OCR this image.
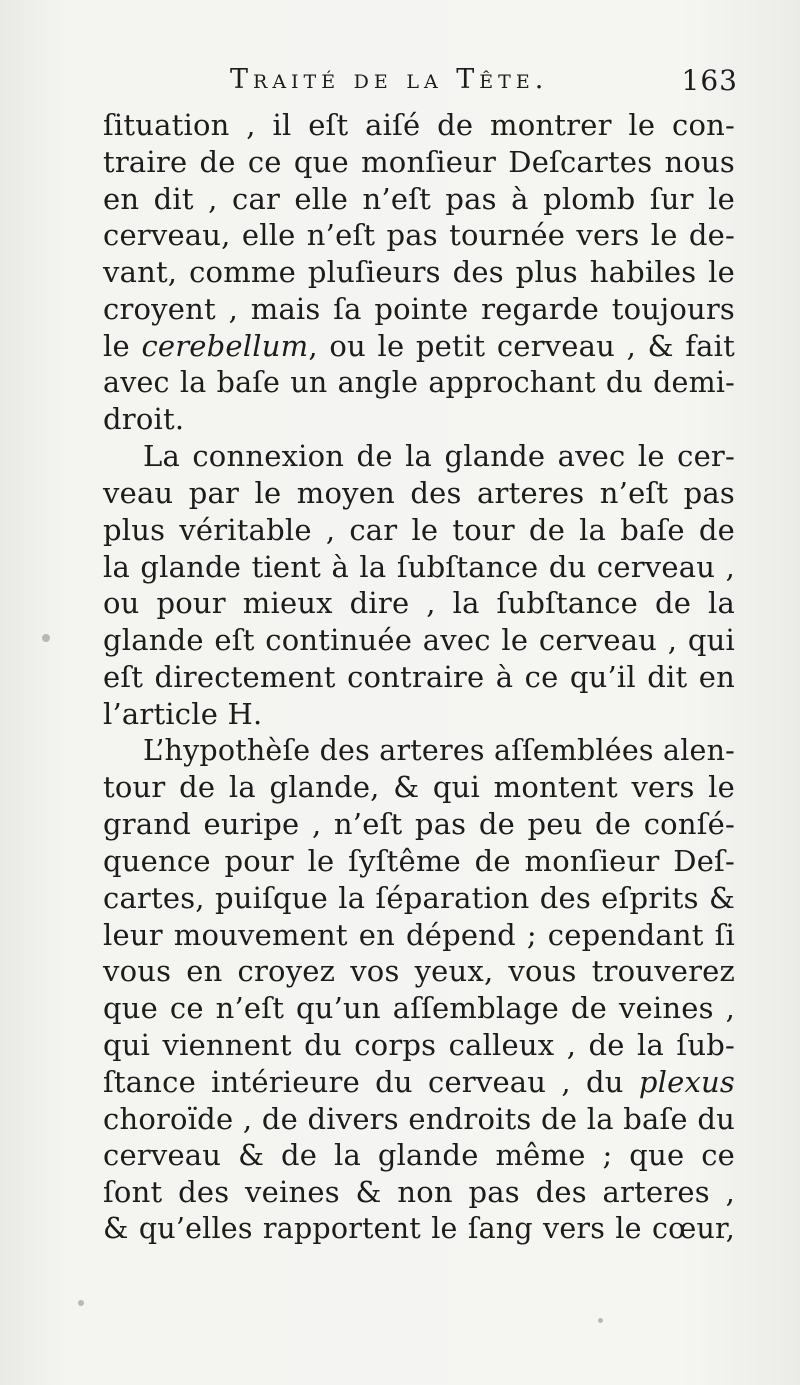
Traité de la Tête.	163
ſituation , il eſt aiſé de montrer le con-
traire de ce que monſieur Deſcartes nous
en dit , car elle n’eſt pas à plomb ſur le
cerveau, elle n’eſt pas tournée vers le de-
vant, comme pluſieurs des plus habiles le
croyent , mais ſa pointe regarde toujours
le cerebellum, ou le petit cerveau , & fait
avec la baſe un angle approchant du demi-
droit.
La connexion de la glande avec le cer-
veau par le moyen des arteres n’eſt pas
plus véritable , car le tour de la baſe de
la glande tient à la ſubſtance du cerveau ,
ou pour mieux dire , la ſubſtance de la
glande eſt continuée avec le cerveau , qui
eſt directement contraire à ce qu’il dit en
l’article H.
L’hypothèſe des arteres aſſemblées alen-
tour de la glande, & qui montent vers le
grand euripe , n’eſt pas de peu de conſé-
quence pour le ſyſtême de monſieur Deſ-
cartes, puiſque la ſéparation des eſprits &
leur mouvement en dépend ; cependant ſi
vous en croyez vos yeux, vous trouverez
que ce n’eſt qu’un aſſemblage de veines ,
qui viennent du corps calleux , de la ſub-
ſtance intérieure du cerveau , du plexus
choroïde , de divers endroits de la baſe du
cerveau & de la glande même ; que ce
ſont des veines & non pas des arteres ,
& qu’elles rapportent le ſang vers le cœur,
